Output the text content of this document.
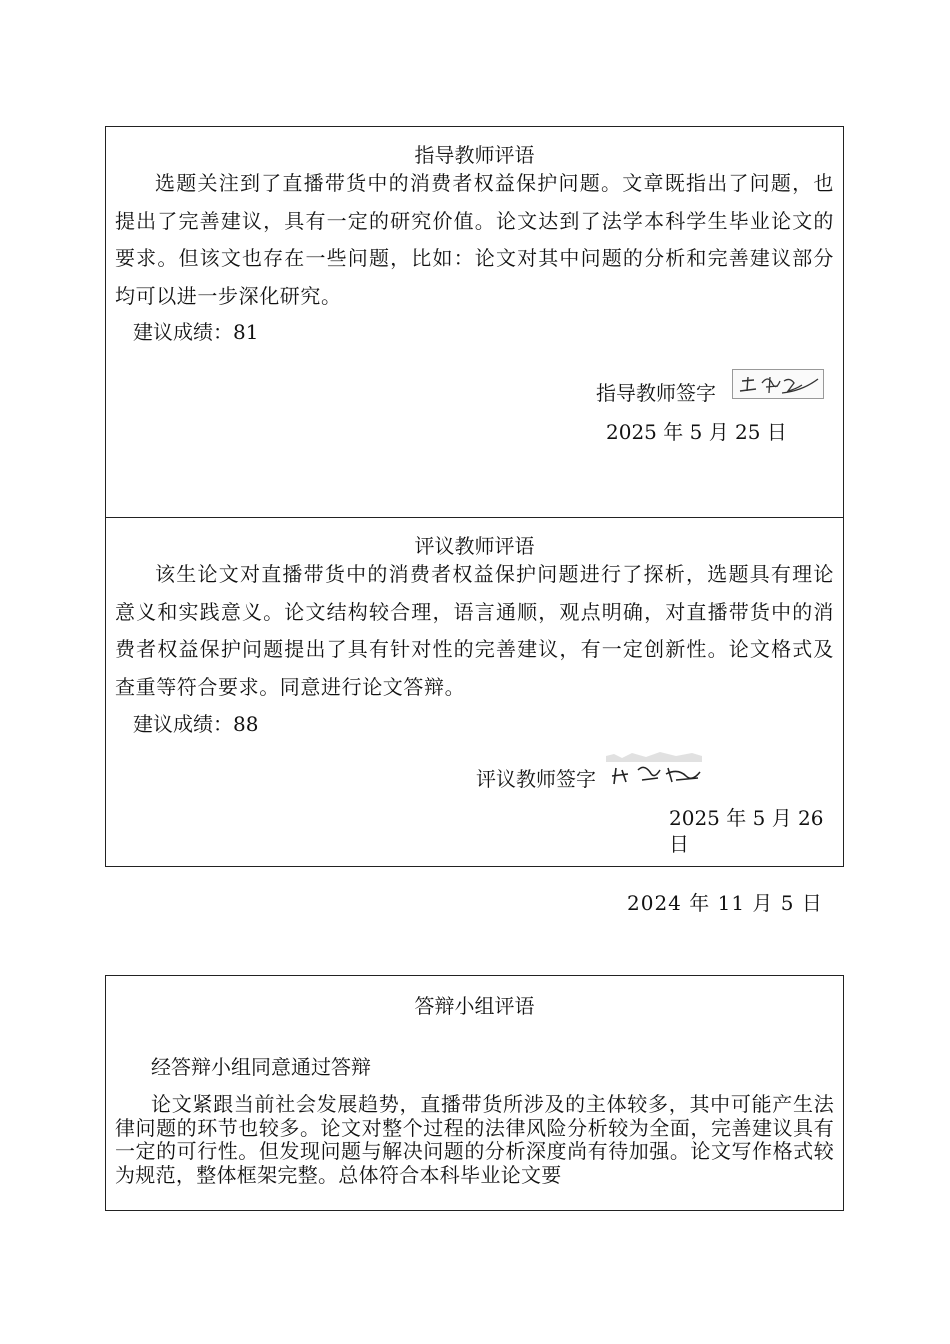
指导教师评语

选题关注到了直播带货中的消费者权益保护问题。文章既指出了问题，也提出了完善建议，具有一定的研究价值。论文达到了法学本科学生毕业论文的要求。但该文也存在一些问题，比如：论文对其中问题的分析和完善建议部分均可以进一步深化研究。

建议成绩：81
指导教师签字
2025 年 5 月 25 日
评议教师评语

该生论文对直播带货中的消费者权益保护问题进行了探析，选题具有理论意义和实践意义。论文结构较合理，语言通顺，观点明确，对直播带货中的消费者权益保护问题提出了具有针对性的完善建议，有一定创新性。论文格式及查重等符合要求。同意进行论文答辩。

建议成绩：88
评议教师签字
2025 年 5 月 26 日
2024 年 11 月 5 日
答辩小组评语
经答辩小组同意通过答辩

论文紧跟当前社会发展趋势，直播带货所涉及的主体较多，其中可能产生法律问题的环节也较多。论文对整个过程的法律风险分析较为全面，完善建议具有一定的可行性。但发现问题与解决问题的分析深度尚有待加强。论文写作格式较为规范，整体框架完整。总体符合本科毕业论文要
